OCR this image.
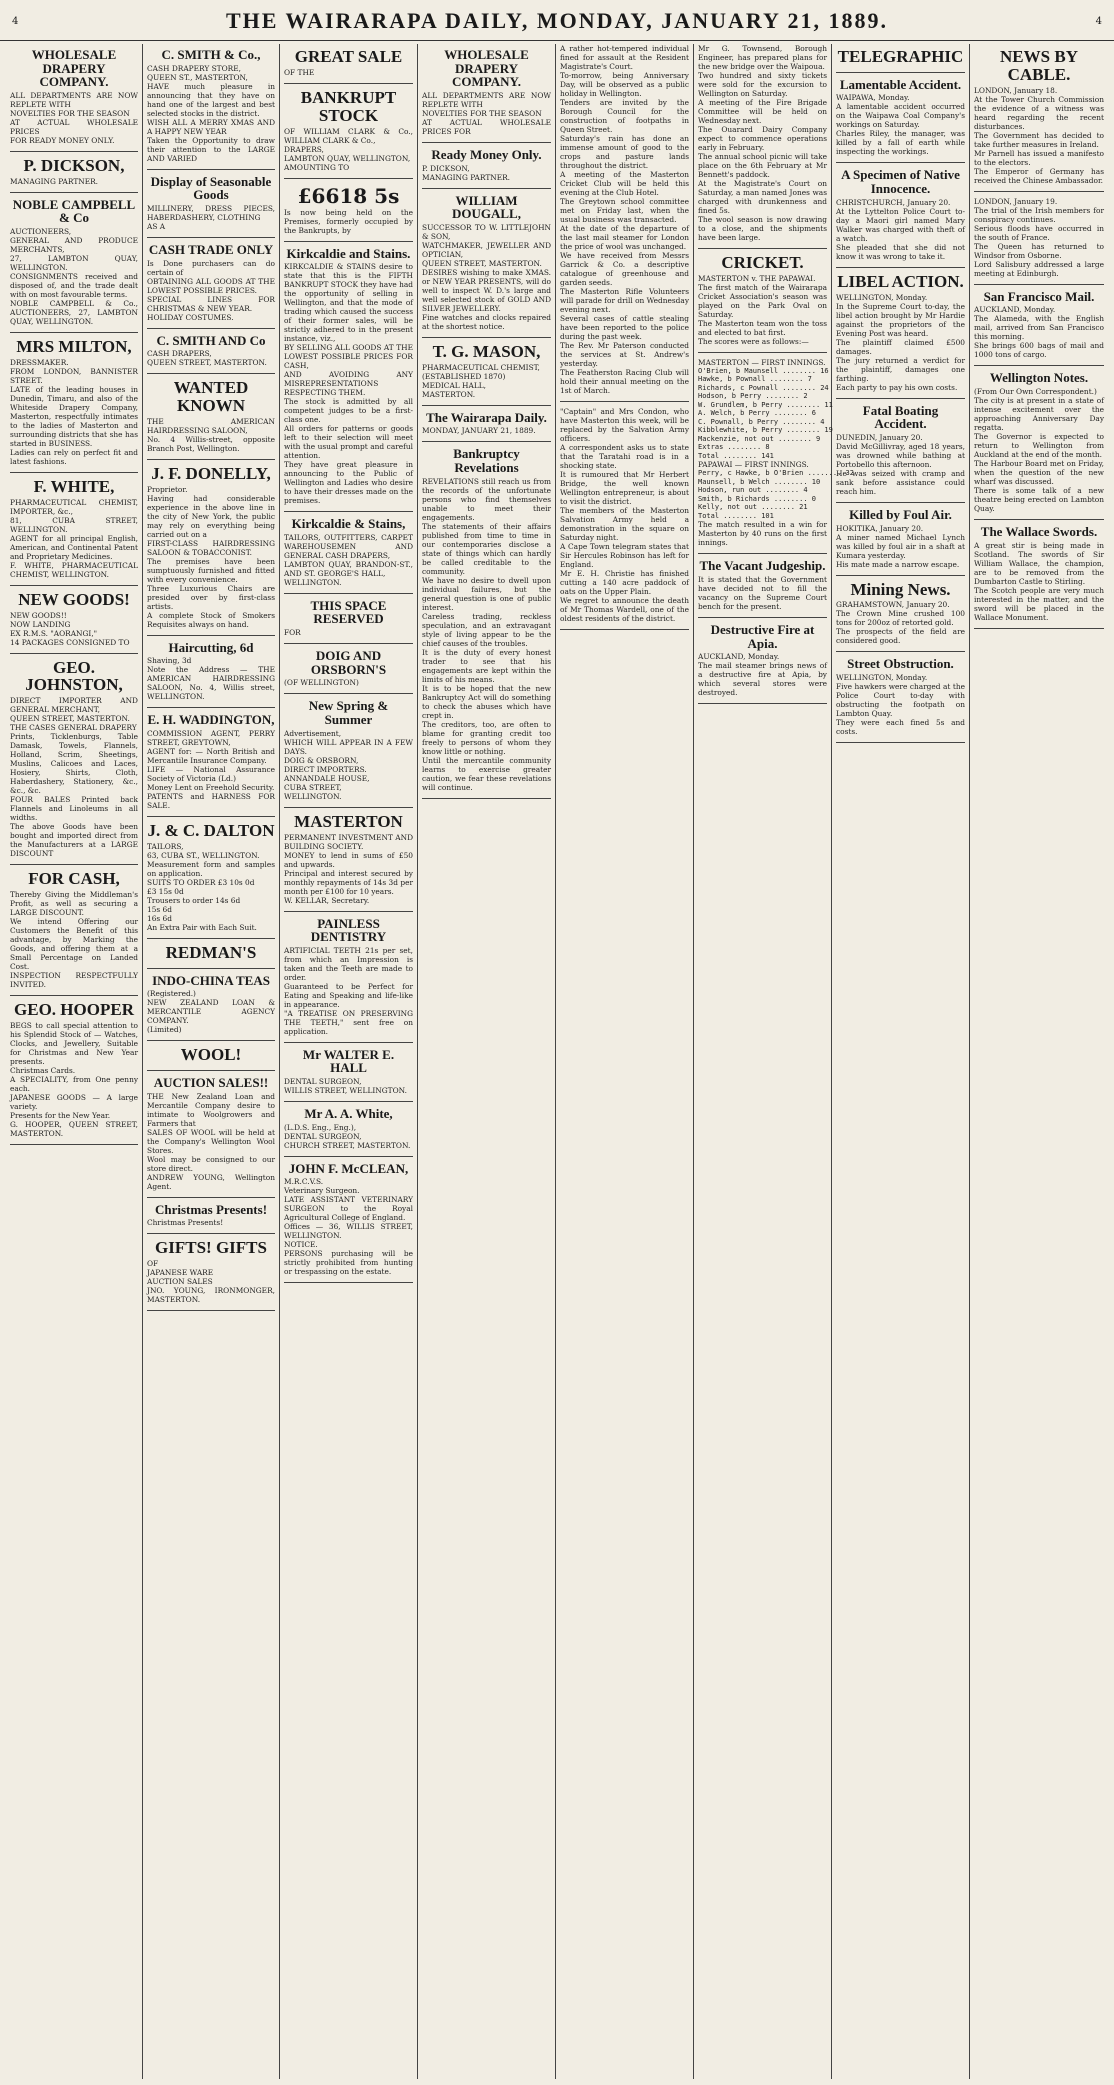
4	THE WAIRARAPA DAILY, MONDAY, JANUARY 21, 1889.	4
WHOLESALE DRAPERY COMPANY.
ALL DEPARTMENTS ARE NOW REPLETE WITH
NOVELTIES FOR THE SEASON
AT ACTUAL WHOLESALE PRICES
FOR READY MONEY ONLY.
P. DICKSON,
MANAGING PARTNER.
NOBLE CAMPBELL & Co
AUCTIONEERS,
GENERAL AND PRODUCE MERCHANTS,
27, LAMBTON QUAY, WELLINGTON.
CONSIGNMENTS received and disposed of, and the trade dealt with on most favourable terms.
NOBLE CAMPBELL & Co., AUCTIONEERS, 27, LAMBTON QUAY, WELLINGTON.
MRS MILTON,
DRESSMAKER.
FROM LONDON, BANNISTER STREET.
LATE of the leading houses in Dunedin, Timaru, and also of the Whiteside Drapery Company, Masterton, respectfully intimates to the ladies of Masterton and surrounding districts that she has started in BUSINESS.
Ladies can rely on perfect fit and latest fashions.
F. WHITE,
PHARMACEUTICAL CHEMIST, IMPORTER, &c.,
81, CUBA STREET, WELLINGTON.
AGENT for all principal English, American, and Continental Patent and Proprietary Medicines.
F. WHITE, PHARMACEUTICAL CHEMIST, WELLINGTON.
NEW GOODS!
NEW GOODS!!
NOW LANDING
EX R.M.S. "AORANGI,"
14 PACKAGES CONSIGNED TO
GEO. JOHNSTON,
DIRECT IMPORTER AND GENERAL MERCHANT,
QUEEN STREET, MASTERTON.
THE CASES GENERAL DRAPERY
Prints, Ticklenburgs, Table Damask, Towels, Flannels, Holland, Scrim, Sheetings, Muslins, Calicoes and Laces, Hosiery, Shirts, Cloth, Haberdashery, Stationery, &c., &c., &c.
FOUR BALES Printed back Flannels and Linoleums in all widths.
The above Goods have been bought and imported direct from the Manufacturers at a LARGE DISCOUNT
FOR CASH,
Thereby Giving the Middleman's Profit, as well as securing a LARGE DISCOUNT.
We intend Offering our Customers the Benefit of this advantage, by Marking the Goods, and offering them at a Small Percentage on Landed Cost.
INSPECTION RESPECTFULLY INVITED.
GEO. HOOPER
BEGS to call special attention to his Splendid Stock of — Watches, Clocks, and Jewellery, Suitable for Christmas and New Year presents.
Christmas Cards.
A SPECIALITY, from One penny each.
JAPANESE GOODS — A large variety.
Presents for the New Year.
G. HOOPER, QUEEN STREET, MASTERTON.
C. SMITH & Co.,
CASH DRAPERY STORE,
QUEEN ST., MASTERTON,
HAVE much pleasure in announcing that they have on hand one of the largest and best selected stocks in the district.
WISH ALL A MERRY XMAS AND A HAPPY NEW YEAR
Taken the Opportunity to draw their attention to the LARGE AND VARIED
Display of Seasonable Goods
MILLINERY, DRESS PIECES, HABERDASHERY, CLOTHING
AS A
CASH TRADE ONLY
Is Done purchasers can do certain of
OBTAINING ALL GOODS AT THE LOWEST POSSIBLE PRICES.
SPECIAL LINES FOR CHRISTMAS & NEW YEAR.
HOLIDAY COSTUMES.
C. SMITH AND Co
CASH DRAPERS,
QUEEN STREET, MASTERTON.
WANTED KNOWN
THE AMERICAN HAIRDRESSING SALOON,
No. 4 Willis-street, opposite Branch Post, Wellington.
J. F. DONELLY,
Proprietor.
Having had considerable experience in the above line in the city of New York, the public may rely on everything being carried out on a
FIRST-CLASS HAIRDRESSING SALOON & TOBACCONIST.
The premises have been sumptuously furnished and fitted with every convenience.
Three Luxurious Chairs are presided over by first-class artists.
A complete Stock of Smokers Requisites always on hand.
Haircutting, 6d
Shaving, 3d
Note the Address — THE AMERICAN HAIRDRESSING SALOON, No. 4, Willis street, WELLINGTON.
E. H. WADDINGTON,
COMMISSION AGENT, PERRY STREET, GREYTOWN,
AGENT for: — North British and Mercantile Insurance Company.
LIFE — National Assurance Society of Victoria (Ld.)
Money Lent on Freehold Security.
PATENTS and HARNESS FOR SALE.
J. & C. DALTON
TAILORS,
63, CUBA ST., WELLINGTON.
Measurement form and samples on application.
SUITS TO ORDER £3 10s 0d
£3 15s 0d
Trousers to order 14s 6d
15s 6d
16s 6d
An Extra Pair with Each Suit.
REDMAN'S
INDO-CHINA TEAS
(Registered.)
NEW ZEALAND LOAN & MERCANTILE AGENCY COMPANY.
(Limited)
WOOL!
AUCTION SALES!!
THE New Zealand Loan and Mercantile Company desire to intimate to Woolgrowers and Farmers that
SALES OF WOOL will be held at the Company's Wellington Wool Stores.
Wool may be consigned to our store direct.
ANDREW YOUNG, Wellington Agent.
Christmas Presents!
Christmas Presents!
GIFTS! GIFTS
OF
JAPANESE WARE
AUCTION SALES
JNO. YOUNG, IRONMONGER, MASTERTON.
GREAT SALE
OF THE
BANKRUPT STOCK
OF WILLIAM CLARK & Co., WILLIAM CLARK & Co.,
DRAPERS,
LAMBTON QUAY, WELLINGTON,
AMOUNTING TO
£6618 5s
Is now being held on the Premises, formerly occupied by the Bankrupts, by
Kirkcaldie and Stains.
KIRKCALDIE & STAINS desire to state that this is the FIFTH BANKRUPT STOCK they have had the opportunity of selling in Wellington, and that the mode of trading which caused the success of their former sales, will be strictly adhered to in the present instance, viz.,
BY SELLING ALL GOODS AT THE LOWEST POSSIBLE PRICES FOR CASH,
AND AVOIDING ANY MISREPRESENTATIONS RESPECTING THEM.
The stock is admitted by all competent judges to be a first-class one.
All orders for patterns or goods left to their selection will meet with the usual prompt and careful attention.
They have great pleasure in announcing to the Public of Wellington and Ladies who desire to have their dresses made on the premises.
Kirkcaldie & Stains,
TAILORS, OUTFITTERS, CARPET WAREHOUSEMEN AND GENERAL CASH DRAPERS,
LAMBTON QUAY, BRANDON-ST., AND ST. GEORGE'S HALL,
WELLINGTON.
THIS SPACE RESERVED
FOR
DOIG AND ORSBORN'S
(OF WELLINGTON)
New Spring & Summer
Advertisement,
WHICH WILL APPEAR IN A FEW DAYS.
DOIG & ORSBORN,
DIRECT IMPORTERS.
ANNANDALE HOUSE,
CUBA STREET,
WELLINGTON.
MASTERTON
PERMANENT INVESTMENT AND BUILDING SOCIETY.
MONEY to lend in sums of £50 and upwards.
Principal and interest secured by monthly repayments of 14s 3d per month per £100 for 10 years.
W. KELLAR, Secretary.
PAINLESS DENTISTRY
ARTIFICIAL TEETH 21s per set, from which an Impression is taken and the Teeth are made to order.
Guaranteed to be Perfect for Eating and Speaking and life-like in appearance.
"A TREATISE ON PRESERVING THE TEETH," sent free on application.
Mr WALTER E. HALL
DENTAL SURGEON,
WILLIS STREET, WELLINGTON.
Mr A. A. White,
(L.D.S. Eng., Eng.),
DENTAL SURGEON,
CHURCH STREET, MASTERTON.
JOHN F. McCLEAN,
M.R.C.V.S.
Veterinary Surgeon.
LATE ASSISTANT VETERINARY SURGEON to the Royal Agricultural College of England.
Offices — 36, WILLIS STREET, WELLINGTON.
NOTICE.
PERSONS purchasing will be strictly prohibited from hunting or trespassing on the estate.
WHOLESALE DRAPERY COMPANY.
ALL DEPARTMENTS ARE NOW REPLETE WITH
NOVELTIES FOR THE SEASON
AT ACTUAL WHOLESALE PRICES FOR
Ready Money Only.
P. DICKSON,
MANAGING PARTNER.
WILLIAM DOUGALL,
SUCCESSOR TO W. LITTLEJOHN & SON,
WATCHMAKER, JEWELLER AND OPTICIAN,
QUEEN STREET, MASTERTON.
DESIRES wishing to make XMAS. or NEW YEAR PRESENTS, will do well to inspect W. D.'s large and well selected stock of GOLD AND SILVER JEWELLERY.
Fine watches and clocks repaired at the shortest notice.
T. G. MASON,
PHARMACEUTICAL CHEMIST,
(ESTABLISHED 1870)
MEDICAL HALL,
MASTERTON.
The Wairarapa Daily.
MONDAY, JANUARY 21, 1889.
Bankruptcy Revelations
REVELATIONS still reach us from the records of the unfortunate persons who find themselves unable to meet their engagements.
The statements of their affairs published from time to time in our contemporaries disclose a state of things which can hardly be called creditable to the community.
We have no desire to dwell upon individual failures, but the general question is one of public interest.
Careless trading, reckless speculation, and an extravagant style of living appear to be the chief causes of the troubles.
It is the duty of every honest trader to see that his engagements are kept within the limits of his means.
It is to be hoped that the new Bankruptcy Act will do something to check the abuses which have crept in.
The creditors, too, are often to blame for granting credit too freely to persons of whom they know little or nothing.
Until the mercantile community learns to exercise greater caution, we fear these revelations will continue.
A rather hot-tempered individual fined for assault at the Resident Magistrate's Court.
To-morrow, being Anniversary Day, will be observed as a public holiday in Wellington.
Tenders are invited by the Borough Council for the construction of footpaths in Queen Street.
Saturday's rain has done an immense amount of good to the crops and pasture lands throughout the district.
A meeting of the Masterton Cricket Club will be held this evening at the Club Hotel.
The Greytown school committee met on Friday last, when the usual business was transacted.
At the date of the departure of the last mail steamer for London the price of wool was unchanged.
We have received from Messrs Garrick & Co. a descriptive catalogue of greenhouse and garden seeds.
The Masterton Rifle Volunteers will parade for drill on Wednesday evening next.
Several cases of cattle stealing have been reported to the police during the past week.
The Rev. Mr Paterson conducted the services at St. Andrew's yesterday.
The Featherston Racing Club will hold their annual meeting on the 1st of March.
"Captain" and Mrs Condon, who have Masterton this week, will be replaced by the Salvation Army officers.
A correspondent asks us to state that the Taratahi road is in a shocking state.
It is rumoured that Mr Herbert Bridge, the well known Wellington entrepreneur, is about to visit the district.
The members of the Masterton Salvation Army held a demonstration in the square on Saturday night.
A Cape Town telegram states that Sir Hercules Robinson has left for England.
Mr E. H. Christie has finished cutting a 140 acre paddock of oats on the Upper Plain.
We regret to announce the death of Mr Thomas Wardell, one of the oldest residents of the district.
Mr G. Townsend, Borough Engineer, has prepared plans for the new bridge over the Waipoua.
Two hundred and sixty tickets were sold for the excursion to Wellington on Saturday.
A meeting of the Fire Brigade Committee will be held on Wednesday next.
The Ouarard Dairy Company expect to commence operations early in February.
The annual school picnic will take place on the 6th February at Mr Bennett's paddock.
At the Magistrate's Court on Saturday, a man named Jones was charged with drunkenness and fined 5s.
The wool season is now drawing to a close, and the shipments have been large.
CRICKET.
MASTERTON v. THE PAPAWAI.
The first match of the Wairarapa Cricket Association's season was played on the Park Oval on Saturday.
The Masterton team won the toss and elected to bat first.
The scores were as follows:—
MASTERTON — FIRST INNINGS.
O'Brien, b Maunsell ........ 16
Hawke, b Pownall ........ 7
Richards, c Pownall ........ 24
Hodson, b Perry ........ 2
W. Grundlem, b Perry ........ 11
A. Welch, b Perry ........ 6
C. Pownall, b Perry ........ 4
Kibblewhite, b Perry ........ 19
Mackenzie, not out ........ 9
Extras ........ 8
Total ........ 141
PAPAWAI — FIRST INNINGS.
Perry, c Hawke, b O'Brien ........ 32
Maunsell, b Welch ........ 10
Hodson, run out ........ 4
Smith, b Richards ........ 0
Kelly, not out ........ 21
Total ........ 101
The match resulted in a win for Masterton by 40 runs on the first innings.
The Vacant Judgeship.
It is stated that the Government have decided not to fill the vacancy on the Supreme Court bench for the present.
Destructive Fire at Apia.
AUCKLAND, Monday.
The mail steamer brings news of a destructive fire at Apia, by which several stores were destroyed.
TELEGRAPHIC
Lamentable Accident.
WAIPAWA, Monday.
A lamentable accident occurred on the Waipawa Coal Company's workings on Saturday.
Charles Riley, the manager, was killed by a fall of earth while inspecting the workings.
A Specimen of Native Innocence.
CHRISTCHURCH, January 20.
At the Lyttelton Police Court to-day a Maori girl named Mary Walker was charged with theft of a watch.
She pleaded that she did not know it was wrong to take it.
LIBEL ACTION.
WELLINGTON, Monday.
In the Supreme Court to-day, the libel action brought by Mr Hardie against the proprietors of the Evening Post was heard.
The plaintiff claimed £500 damages.
The jury returned a verdict for the plaintiff, damages one farthing.
Each party to pay his own costs.
Fatal Boating Accident.
DUNEDIN, January 20.
David McGillivray, aged 18 years, was drowned while bathing at Portobello this afternoon.
He was seized with cramp and sank before assistance could reach him.
Killed by Foul Air.
HOKITIKA, January 20.
A miner named Michael Lynch was killed by foul air in a shaft at Kumara yesterday.
His mate made a narrow escape.
Mining News.
GRAHAMSTOWN, January 20.
The Crown Mine crushed 100 tons for 200oz of retorted gold.
The prospects of the field are considered good.
Street Obstruction.
WELLINGTON, Monday.
Five hawkers were charged at the Police Court to-day with obstructing the footpath on Lambton Quay.
They were each fined 5s and costs.
NEWS BY CABLE.
LONDON, January 18.
At the Tower Church Commission the evidence of a witness was heard regarding the recent disturbances.
The Government has decided to take further measures in Ireland.
Mr Parnell has issued a manifesto to the electors.
The Emperor of Germany has received the Chinese Ambassador.
LONDON, January 19.
The trial of the Irish members for conspiracy continues.
Serious floods have occurred in the south of France.
The Queen has returned to Windsor from Osborne.
Lord Salisbury addressed a large meeting at Edinburgh.
San Francisco Mail.
AUCKLAND, Monday.
The Alameda, with the English mail, arrived from San Francisco this morning.
She brings 600 bags of mail and 1000 tons of cargo.
Wellington Notes.
(From Our Own Correspondent.)
The city is at present in a state of intense excitement over the approaching Anniversary Day regatta.
The Governor is expected to return to Wellington from Auckland at the end of the month.
The Harbour Board met on Friday, when the question of the new wharf was discussed.
There is some talk of a new theatre being erected on Lambton Quay.
The Wallace Swords.
A great stir is being made in Scotland. The swords of Sir William Wallace, the champion, are to be removed from the Dumbarton Castle to Stirling.
The Scotch people are very much interested in the matter, and the sword will be placed in the Wallace Monument.
